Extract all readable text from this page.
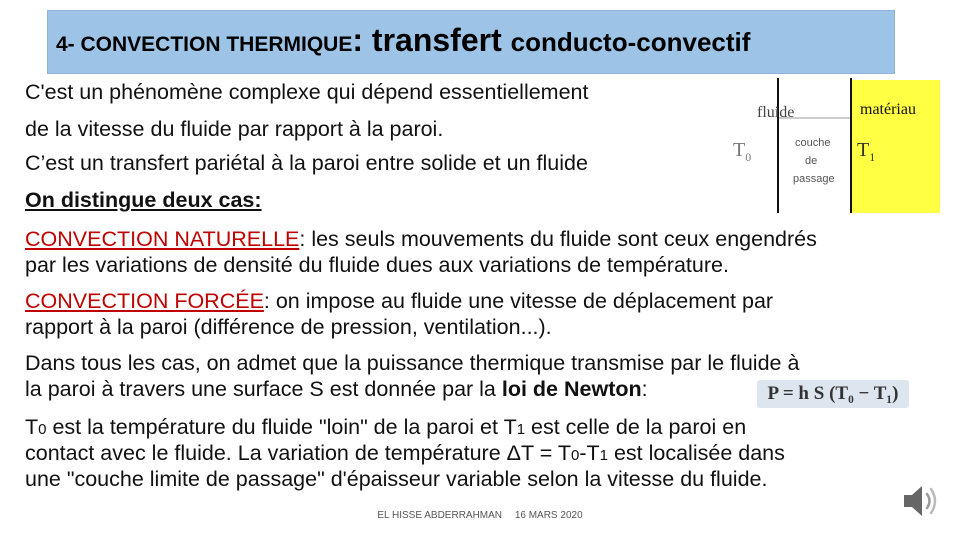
4- CONVECTION THERMIQUE: transfert conducto-convectif
C'est un phénomène complexe qui dépend essentiellement
de la vitesse du fluide par rapport à la paroi.
C’est un transfert pariétal à la paroi entre solide et un fluide
On distingue deux cas:
CONVECTION NATURELLE: les seuls mouvements du fluide sont ceux engendrés
par les variations de densité du fluide dues aux variations de température.
CONVECTION FORCÉE: on impose au fluide une vitesse de déplacement par
rapport à la paroi (différence de pression, ventilation...).
Dans tous les cas, on admet que la puissance thermique transmise par le fluide à
la paroi à travers une surface S est donnée par la loi de Newton:
T0 est la température du fluide "loin" de la paroi et T1 est celle de la paroi en
contact avec le fluide. La variation de température ΔT = T0-T1 est localisée dans
une "couche limite de passage" d'épaisseur variable selon la vitesse du fluide.
fluide	matériau
couche
de
passage
$T_0$	$T_1$
P = h S (T₀ − T₁)
EL HISSE ABDERRAHMAN 16 MARS 2020
